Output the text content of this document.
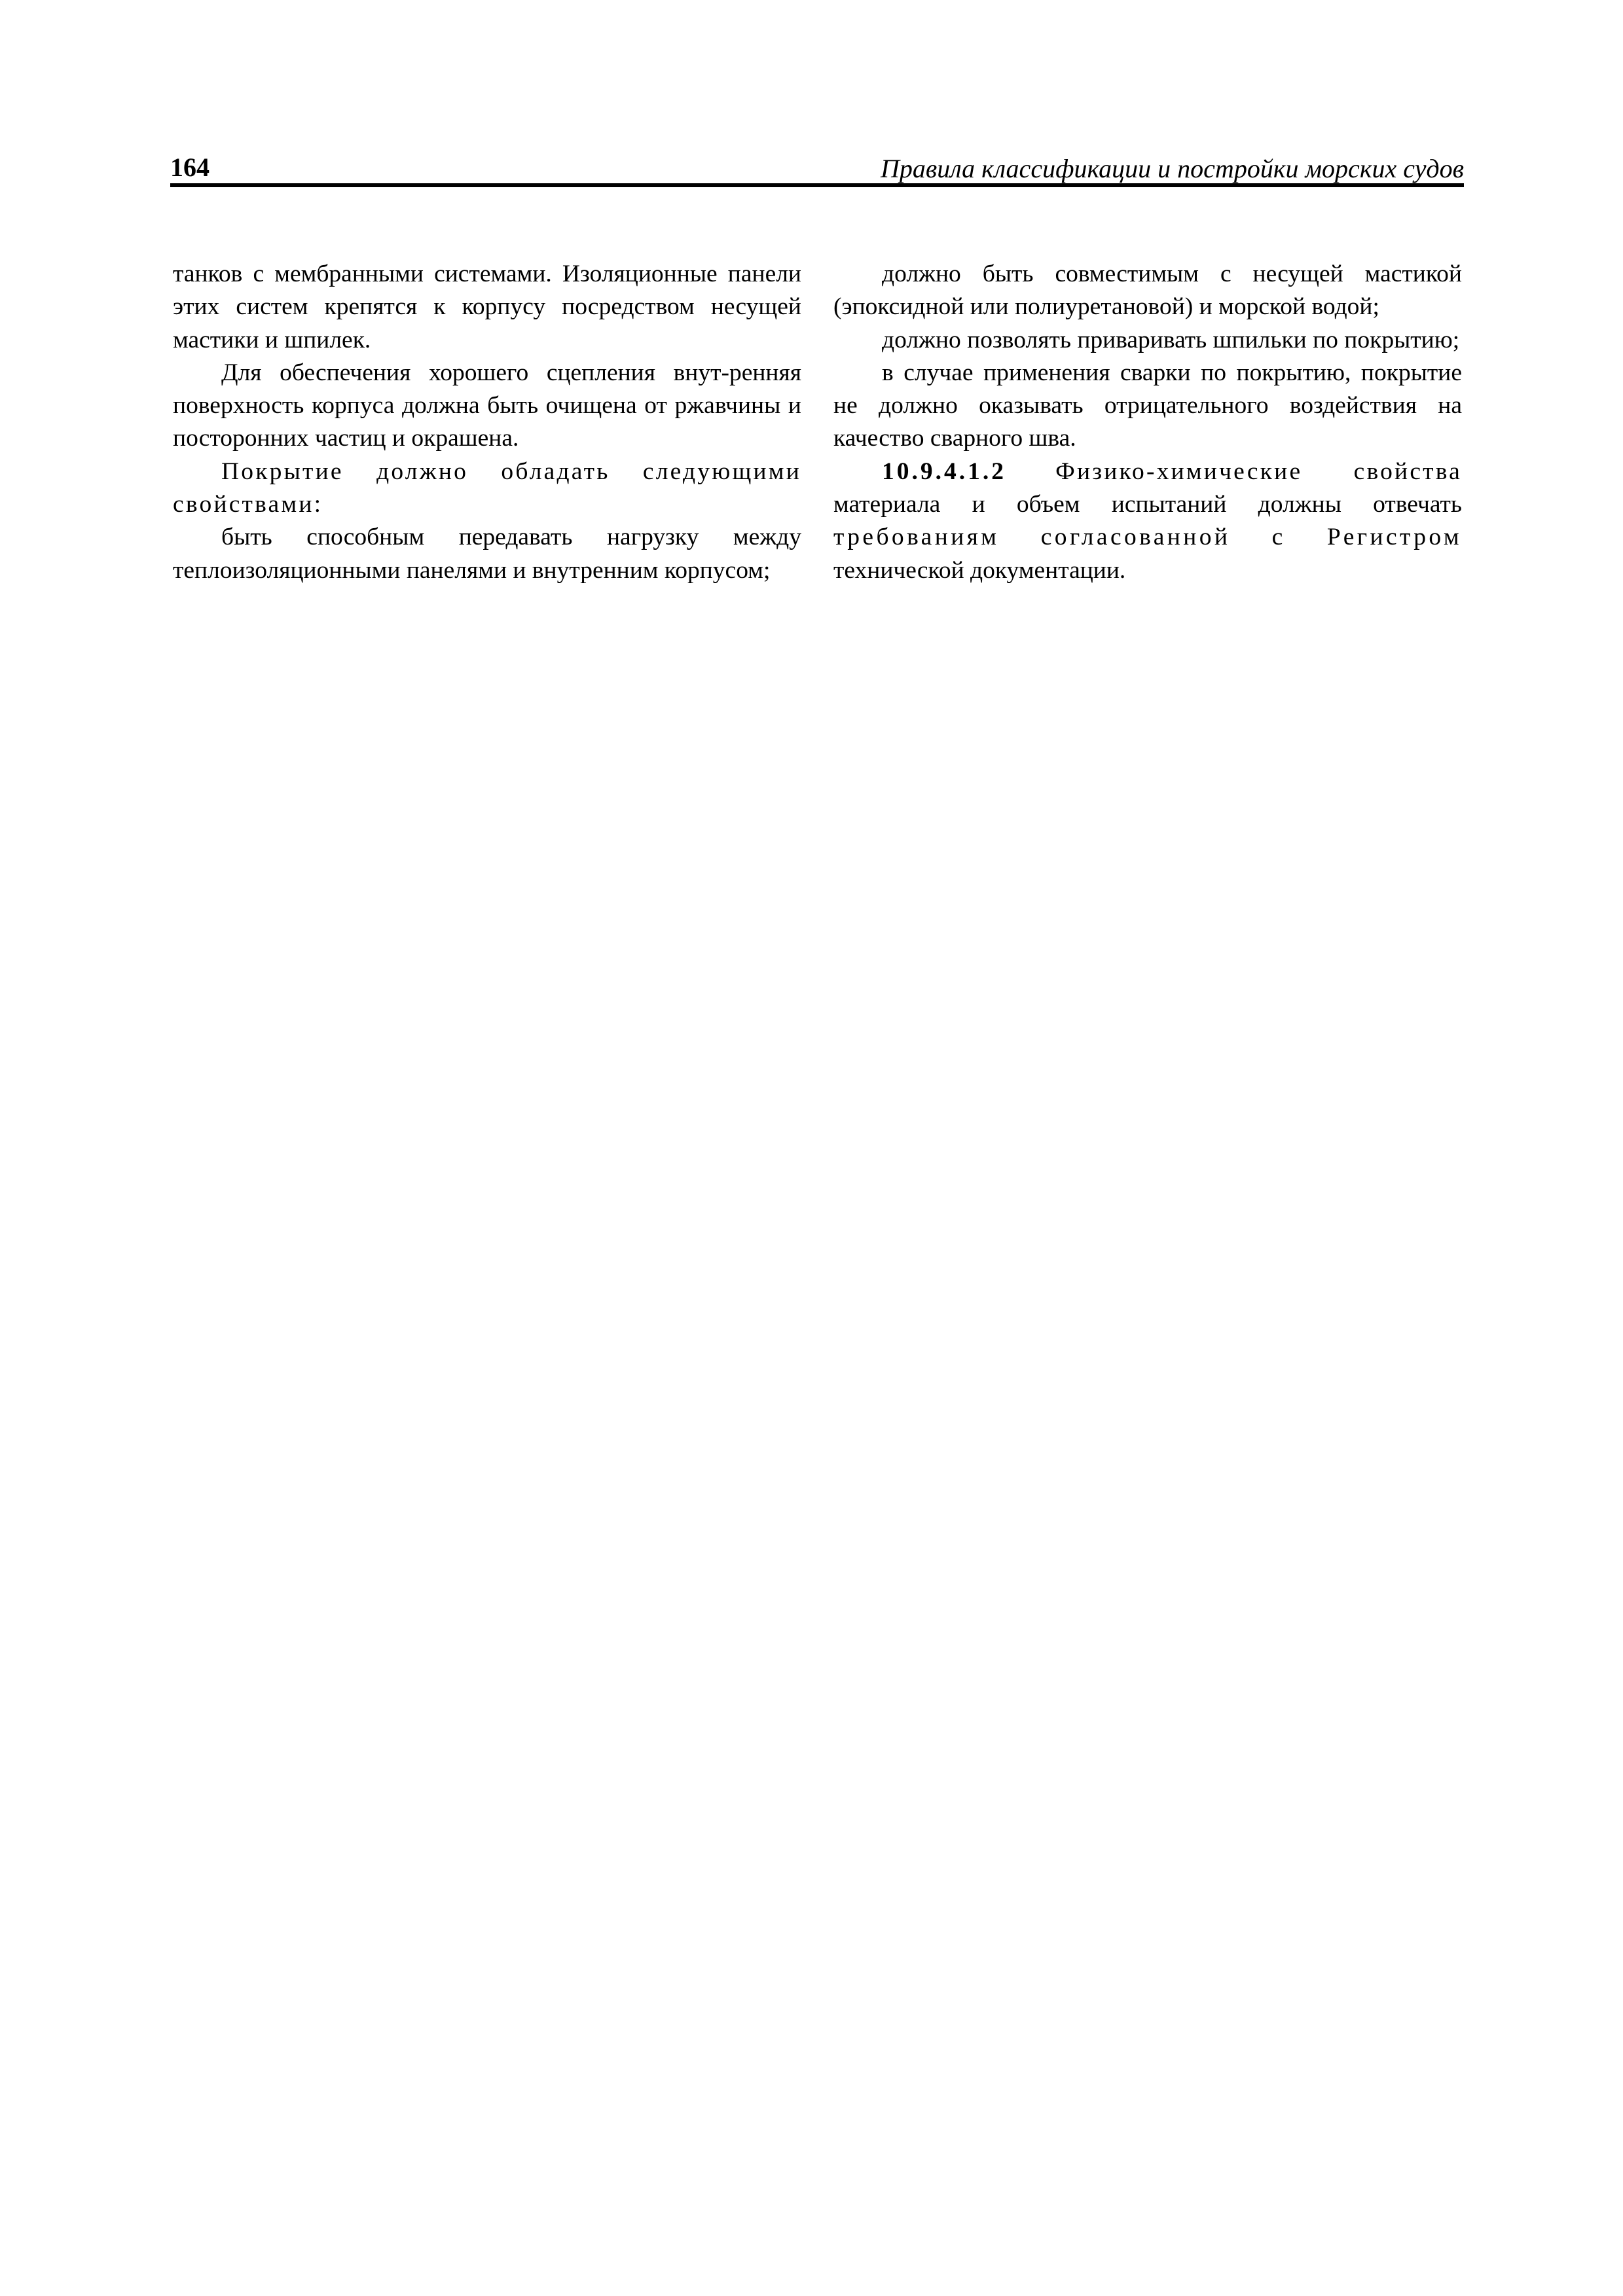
164	Правила классификации и постройки морских судов

танков с мембранными системами. Изоляционные панели этих систем крепятся к корпусу посредством несущей мастики и шпилек.

Для обеспечения хорошего сцепления внут-ренняя поверхность корпуса должна быть очищена от ржавчины и посторонних частиц и окрашена.

Покрытие должно обладать следующими свойствами:

быть способным передавать нагрузку между теплоизоляционными панелями и внутренним корпусом;

должно быть совместимым с несущей мастикой (эпоксидной или полиуретановой) и морской водой;

должно позволять приваривать шпильки по покрытию;

в случае применения сварки по покрытию, покрытие не должно оказывать отрицательного воздействия на качество сварного шва.

10.9.4.1.2 Физико-химические свойства материала и объем испытаний должны отвечать требованиям согласованной с Регистром технической документации.
